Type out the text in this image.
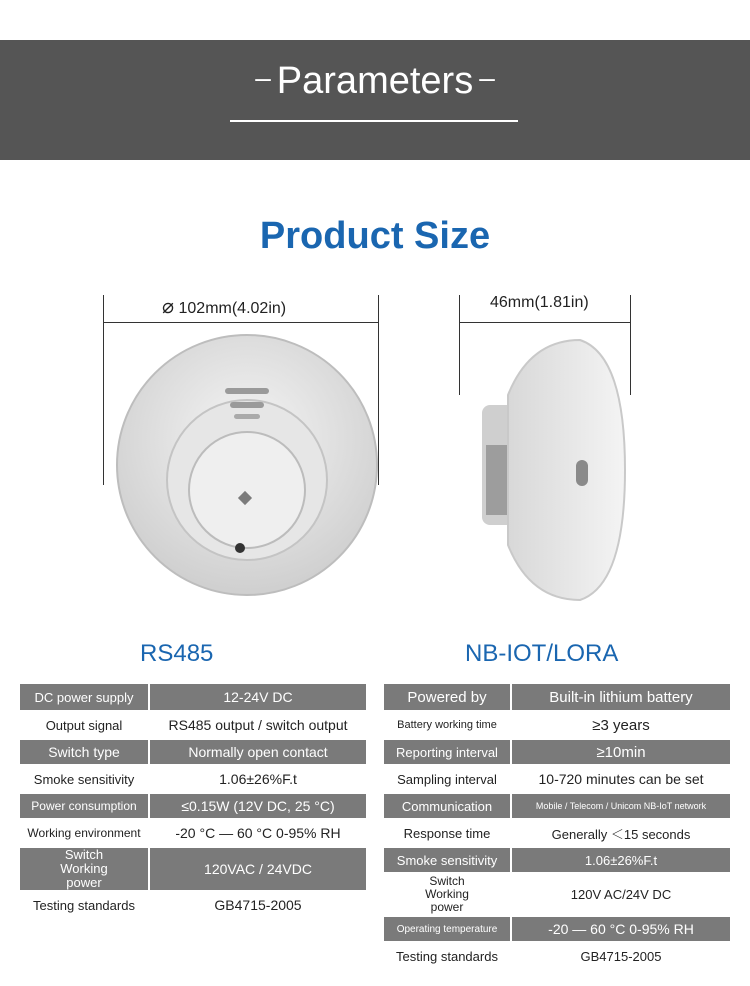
– Parameters –
Product Size
⌀ 102mm(4.02in)	46mm(1.81in)
RS485	NB-IOT/LORA
DC power supply	12-24V DC
Output signal	RS485 output / switch output
Switch type	Normally open contact
Smoke sensitivity	1.06±26%F.t
Power consumption	≤0.15W (12V DC, 25 °C)
Working environment	-20 °C — 60 °C 0-95% RH
Switch Working power	120VAC / 24VDC
Testing standards	GB4715-2005
Powered by	Built-in lithium battery
Battery working time	≥3 years
Reporting interval	≥10min
Sampling interval	10-720 minutes can be set
Communication	Mobile / Telecom / Unicom NB-IoT network
Response time	Generally ＜15 seconds
Smoke sensitivity	1.06±26%F.t
Switch Working power	120V AC/24V DC
Operating temperature	-20 — 60 °C 0-95% RH
Testing standards	GB4715-2005
